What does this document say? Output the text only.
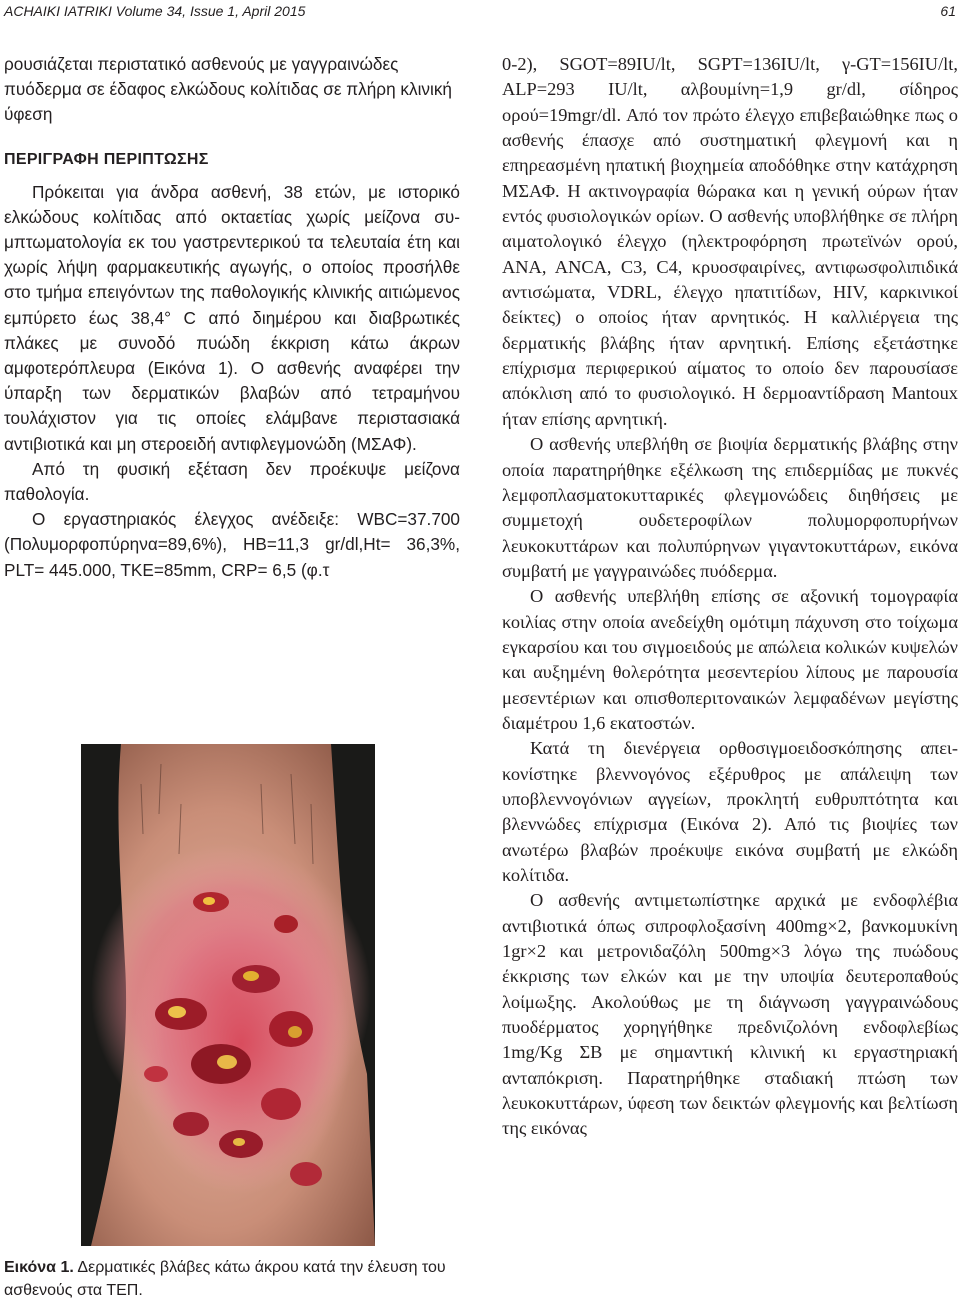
ACHAIKI IATRIKI Volume 34, Issue 1, April 2015	61

ρουσιάζεται περιστατικό ασθενούς με γαγγραινώδες πυόδερμα σε έδαφος ελκώδους κολίτιδας σε πλήρη κλινική ύφεση

ΠΕΡΙΓΡΑΦΗ ΠΕΡΙΠΤΩΣΗΣ

Πρόκειται για άνδρα ασθενή, 38 ετών, με ιστορικό ελκώδους κολίτιδας από οκταετίας χωρίς μείζονα συμπτωματολογία εκ του γαστρεντερικού τα τελευταία έτη και χωρίς λήψη φαρμακευτικής αγωγής, ο οποίος προσήλθε στο τμήμα επειγόντων της παθολογικής κλινικής αιτιώμενος εμπύρετο έως 38,4° C από διημέρου και διαβρωτικές πλάκες με συνοδό πυώδη έκκριση κάτω άκρων αμφοτερόπλευρα (Εικόνα 1). Ο ασθενής αναφέρει την ύπαρξη των δερματικών βλαβών από τετραμήνου τουλάχιστον για τις οποίες ελάμβανε περιστασιακά αντιβιοτικά και μη στεροειδή αντιφλεγμονώδη (ΜΣΑΦ).

Από τη φυσική εξέταση δεν προέκυψε μείζονα παθολογία.

Ο εργαστηριακός έλεγχος ανέδειξε: WBC=37.700 (Πολυμορφοπύρηνα=89,6%), HB=11,3 gr/dl,Ht= 36,3%, PLT= 445.000, TKE=85mm, CRP= 6,5 (φ.τ

Εικόνα 1. Δερματικές βλάβες κάτω άκρου κατά την έλευση του ασθενούς στα ΤΕΠ.

0-2), SGOT=89IU/lt, SGPT=136IU/lt, γ-GT=156IU/lt, ALP=293 IU/lt, αλβουμίνη=1,9 gr/dl, σίδηρος ορού=19mgr/dl. Από τον πρώτο έλεγχο επιβεβαιώθηκε πως ο ασθενής έπασχε από συστηματική φλεγμονή και η επηρεασμένη ηπατική βιοχημεία αποδόθηκε στην κατάχρηση ΜΣΑΦ. Η ακτινογραφία θώρακα και η γενική ούρων ήταν εντός φυσιολογικών ορίων. Ο ασθενής υποβλήθηκε σε πλήρη αιματολογικό έλεγχο (ηλεκτροφόρηση πρωτεϊνών ορού, ANA, ANCA, C3, C4, κρυοσφαιρίνες, αντιφωσφολιπιδικά αντισώματα, VDRL, έλεγχο ηπατιτίδων, HIV, καρκινικοί δείκτες) ο οποίος ήταν αρνητικός. Η καλλιέργεια της δερματικής βλάβης ήταν αρνητική. Επίσης εξετάστηκε επίχρισμα περιφερικού αίματος το οποίο δεν παρουσίασε απόκλιση από το φυσιολογικό. Η δερμοαντίδραση Mantoux ήταν επίσης αρνητική.

Ο ασθενής υπεβλήθη σε βιοψία δερματικής βλάβης στην οποία παρατηρήθηκε εξέλκωση της επιδερμίδας με πυκνές λεμφοπλασματοκυτταρικές φλεγμονώδεις διηθήσεις με συμμετοχή ουδετεροφίλων πολυμορφοπυρήνων λευκοκυττάρων και πολυπύρηνων γιγαντοκυττάρων, εικόνα συμβατή με γαγγραινώδες πυόδερμα.

Ο ασθενής υπεβλήθη επίσης σε αξονική τομογραφία κοιλίας στην οποία ανεδείχθη ομότιμη πάχυνση στο τοίχωμα εγκαρσίου και του σιγμοειδούς με απώλεια κολικών κυψελών και αυξημένη θολερότητα μεσεντερίου λίπους με παρουσία μεσεντέριων και οπισθοπεριτοναικών λεμφαδένων μεγίστης διαμέτρου 1,6 εκατοστών.

Κατά τη διενέργεια ορθοσιγμοειδοσκόπησης απεικονίστηκε βλεννογόνος εξέρυθρος με απάλειψη των υποβλεννογόνιων αγγείων, προκλητή ευθρυπτότητα και βλεννώδες επίχρισμα (Εικόνα 2). Από τις βιοψίες των ανωτέρω βλαβών προέκυψε εικόνα συμβατή με ελκώδη κολίτιδα.

Ο ασθενής αντιμετωπίστηκε αρχικά με ενδοφλέβια αντιβιοτικά όπως σιπροφλοξασίνη 400mg×2, βανκομυκίνη 1gr×2 και μετρονιδαζόλη 500mg×3 λόγω της πυώδους έκκρισης των ελκών και με την υποψία δευτεροπαθούς λοίμωξης. Ακολούθως με τη διάγνωση γαγγραινώδους πυοδέρματος χορηγήθηκε πρεδνιζολόνη ενδοφλεβίως 1mg/Kg ΣΒ με σημαντική κλινική κι εργαστηριακή ανταπόκριση. Παρατηρήθηκε σταδιακή πτώση των λευκοκυττάρων, ύφεση των δεικτών φλεγμονής και βελτίωση της εικόνας
